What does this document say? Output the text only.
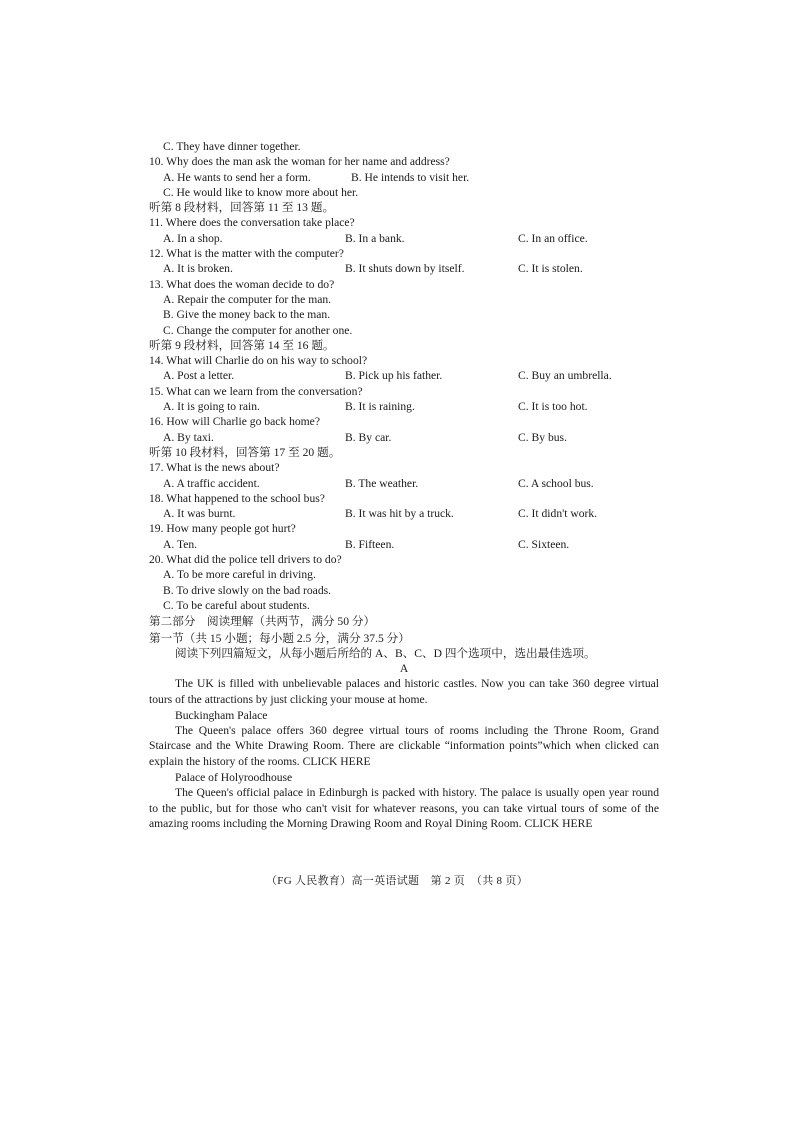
C. They have dinner together.
10. Why does the man ask the woman for her name and address?
A. He wants to send her a form.	B. He intends to visit her.
C. He would like to know more about her.
听第 8 段材料，回答第 11 至 13 题。
11. Where does the conversation take place?
A. In a shop.	B. In a bank.	C. In an office.
12. What is the matter with the computer?
A. It is broken.	B. It shuts down by itself.	C. It is stolen.
13. What does the woman decide to do?
A. Repair the computer for the man.
B. Give the money back to the man.
C. Change the computer for another one.
听第 9 段材料，回答第 14 至 16 题。
14. What will Charlie do on his way to school?
A. Post a letter.	B. Pick up his father.	C. Buy an umbrella.
15. What can we learn from the conversation?
A. It is going to rain.	B. It is raining.	C. It is too hot.
16. How will Charlie go back home?
A. By taxi.	B. By car.	C. By bus.
听第 10 段材料，回答第 17 至 20 题。
17. What is the news about?
A. A traffic accident.	B. The weather.	C. A school bus.
18. What happened to the school bus?
A. It was burnt.	B. It was hit by a truck.	C. It didn't work.
19. How many people got hurt?
A. Ten.	B. Fifteen.	C. Sixteen.
20. What did the police tell drivers to do?
A. To be more careful in driving.
B. To drive slowly on the bad roads.
C. To be careful about students.
第二部分　阅读理解（共两节，满分 50 分）
第一节（共 15 小题；每小题 2.5 分，满分 37.5 分）
阅读下列四篇短文，从每小题后所给的 A、B、C、D 四个选项中，选出最佳选项。
A

The UK is filled with unbelievable palaces and historic castles. Now you can take 360 degree virtual tours of the attractions by just clicking your mouse at home.

Buckingham Palace

The Queen's palace offers 360 degree virtual tours of rooms including the Throne Room, Grand Staircase and the White Drawing Room. There are clickable “information points”which when clicked can explain the history of the rooms. CLICK HERE

Palace of Holyroodhouse

The Queen's official palace in Edinburgh is packed with history. The palace is usually open year round to the public, but for those who can't visit for whatever reasons, you can take virtual tours of some of the amazing rooms including the Morning Drawing Room and Royal Dining Room. CLICK HERE

（FG 人民教育）高一英语试题　第 2 页　（共 8 页）
